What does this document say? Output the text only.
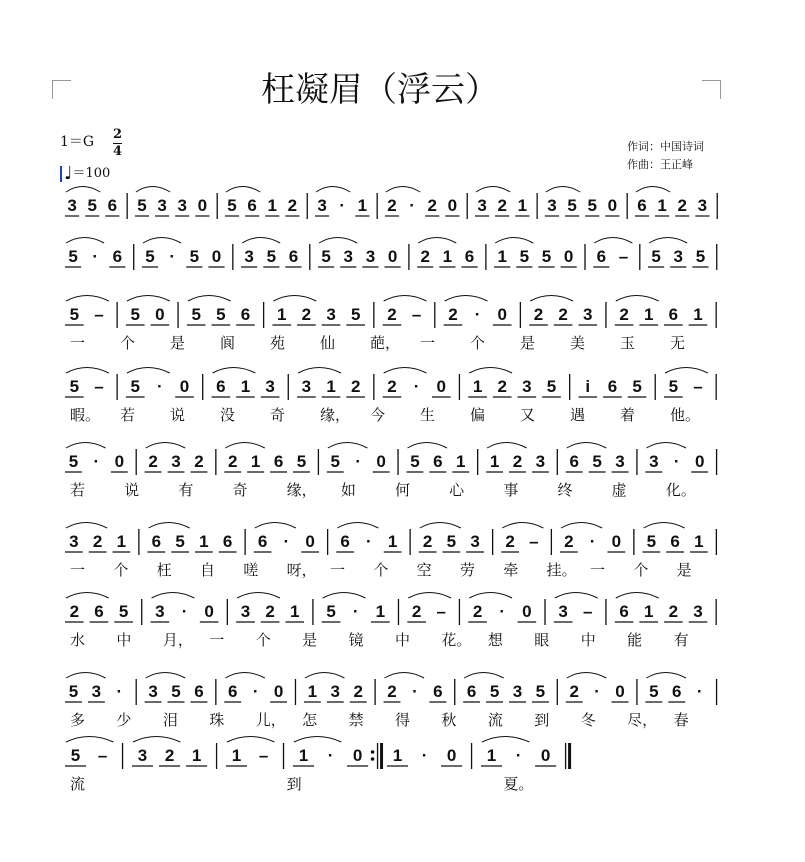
枉凝眉（浮云）
1＝G 2
4
♩＝100
作词：中国诗词
作曲：王正峰
3 5 6 5 3 3 0 5 6 1 2 3 · 1 2 · 2 0 3 2 1 3 5 5 0 6 1 2 3
5 · 6 5 · 5 0 3 5 6 5 3 3 0 2 1 6 1 5 5 0 6 – 5 3 5
5 – 5 0 5 5 6 1 2 3 5 2 – 2 · 0 2 2 3 2 1 6 1
一 个 是 阆 苑 仙 葩， 一 个 是 美 玉 无
5 – 5 · 0 6 1 3 3 1 2 2 · 0 1 2 3 5 i 6 5 5 –
暇。 若 说 没 奇 缘， 今 生 偏 又 遇 着 他。
5 · 0 2 3 2 2 1 6 5 5 · 0 5 6 1 1 2 3 6 5 3 3 · 0
若	说	有	奇	缘， 如	何	心	事	终	虚	化。
3 2 1 6 5 1 6 6 · 0 6 · 1 2 5 3 2 – 2 · 0 5 6 1
一 个 枉 自 嗟 呀， 一 个 空 劳 牵 挂。 一 个 是
2 6 5 3 · 0 3 2 1 5 · 1 2 – 2 · 0 3 – 6 1 2 3
水 中 月， 一 个 是 镜 中 花。 想 眼 中 能 有
5 3 · 3 5 6 6 · 0 1 3 2 2 · 6 6 5 3 5 2 · 0 5 6 ·
多 少 泪 珠 儿， 怎 禁 得 秋 流 到 冬 尽， 春
5 – 3 2 1 1 – 1 · 0 1 · 0 1 · 0
流	到	夏。
